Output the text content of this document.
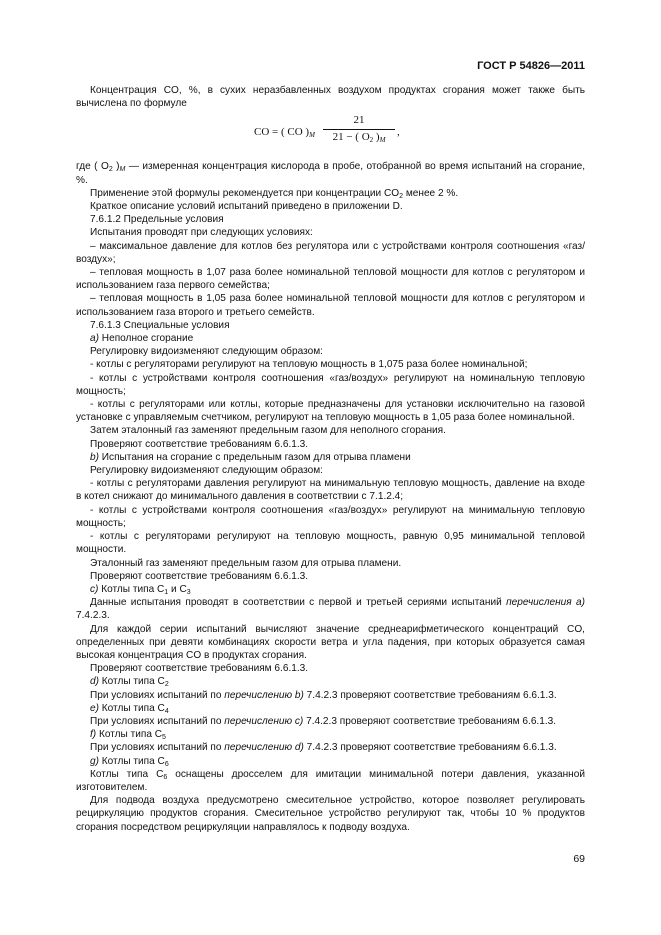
ГОСТ Р 54826—2011

Концентрация CO, %, в сухих неразбавленных воздухом продуктах сгорания может также быть вычислена по формуле

CO = ( CO )$_M \frac{21}{21 - ( O_2 )_M}$ ,

где ( $O_2$ )$_M$ — измеренная концентрация кислорода в пробе, отобранной во время испытаний на сгорание, %.

Применение этой формулы рекомендуется при концентрации $CO_2$ менее 2 %.

Краткое описание условий испытаний приведено в приложении D.

7.6.1.2 Предельные условия

Испытания проводят при следующих условиях:

– максимальное давление для котлов без регулятора или с устройствами контроля соотношения «газ/воздух»;

– тепловая мощность в 1,07 раза более номинальной тепловой мощности для котлов с регулятором и использованием газа первого семейства;

– тепловая мощность в 1,05 раза более номинальной тепловой мощности для котлов с регулятором и использованием газа второго и третьего семейств.

7.6.1.3 Специальные условия

a) Неполное сгорание

Регулировку видоизменяют следующим образом:

- котлы с регуляторами регулируют на тепловую мощность в 1,075 раза более номинальной;

- котлы с устройствами контроля соотношения «газ/воздух» регулируют на номинальную тепловую мощность;

- котлы с регуляторами или котлы, которые предназначены для установки исключительно на газовой установке с управляемым счетчиком, регулируют на тепловую мощность в 1,05 раза более номинальной.

Затем эталонный газ заменяют предельным газом для неполного сгорания.

Проверяют соответствие требованиям 6.6.1.3.

b) Испытания на сгорание с предельным газом для отрыва пламени

Регулировку видоизменяют следующим образом:

- котлы с регуляторами давления регулируют на минимальную тепловую мощность, давление на входе в котел снижают до минимального давления в соответствии с 7.1.2.4;

- котлы с устройствами контроля соотношения «газ/воздух» регулируют на минимальную тепловую мощность;

- котлы с регуляторами регулируют на тепловую мощность, равную 0,95 минимальной тепловой мощности.

Эталонный газ заменяют предельным газом для отрыва пламени.

Проверяют соответствие требованиям 6.6.1.3.

c) Котлы типа $C_1$ и $C_3$

Данные испытания проводят в соответствии с первой и третьей сериями испытаний перечисления a) 7.4.2.3.

Для каждой серии испытаний вычисляют значение среднеарифметического концентраций CO, определенных при девяти комбинациях скорости ветра и угла падения, при которых образуется самая высокая концентрация CO в продуктах сгорания.

Проверяют соответствие требованиям 6.6.1.3.

d) Котлы типа $C_2$

При условиях испытаний по перечислению b) 7.4.2.3 проверяют соответствие требованиям 6.6.1.3.

e) Котлы типа $C_4$

При условиях испытаний по перечислению c) 7.4.2.3 проверяют соответствие требованиям 6.6.1.3.

f) Котлы типа $C_5$

При условиях испытаний по перечислению d) 7.4.2.3 проверяют соответствие требованиям 6.6.1.3.

g) Котлы типа $C_6$

Котлы типа $C_6$ оснащены дросселем для имитации минимальной потери давления, указанной изготовителем.

Для подвода воздуха предусмотрено смесительное устройство, которое позволяет регулировать рециркуляцию продуктов сгорания. Смесительное устройство регулируют так, чтобы 10 % продуктов сгорания посредством рециркуляции направлялось к подводу воздуха.

69
